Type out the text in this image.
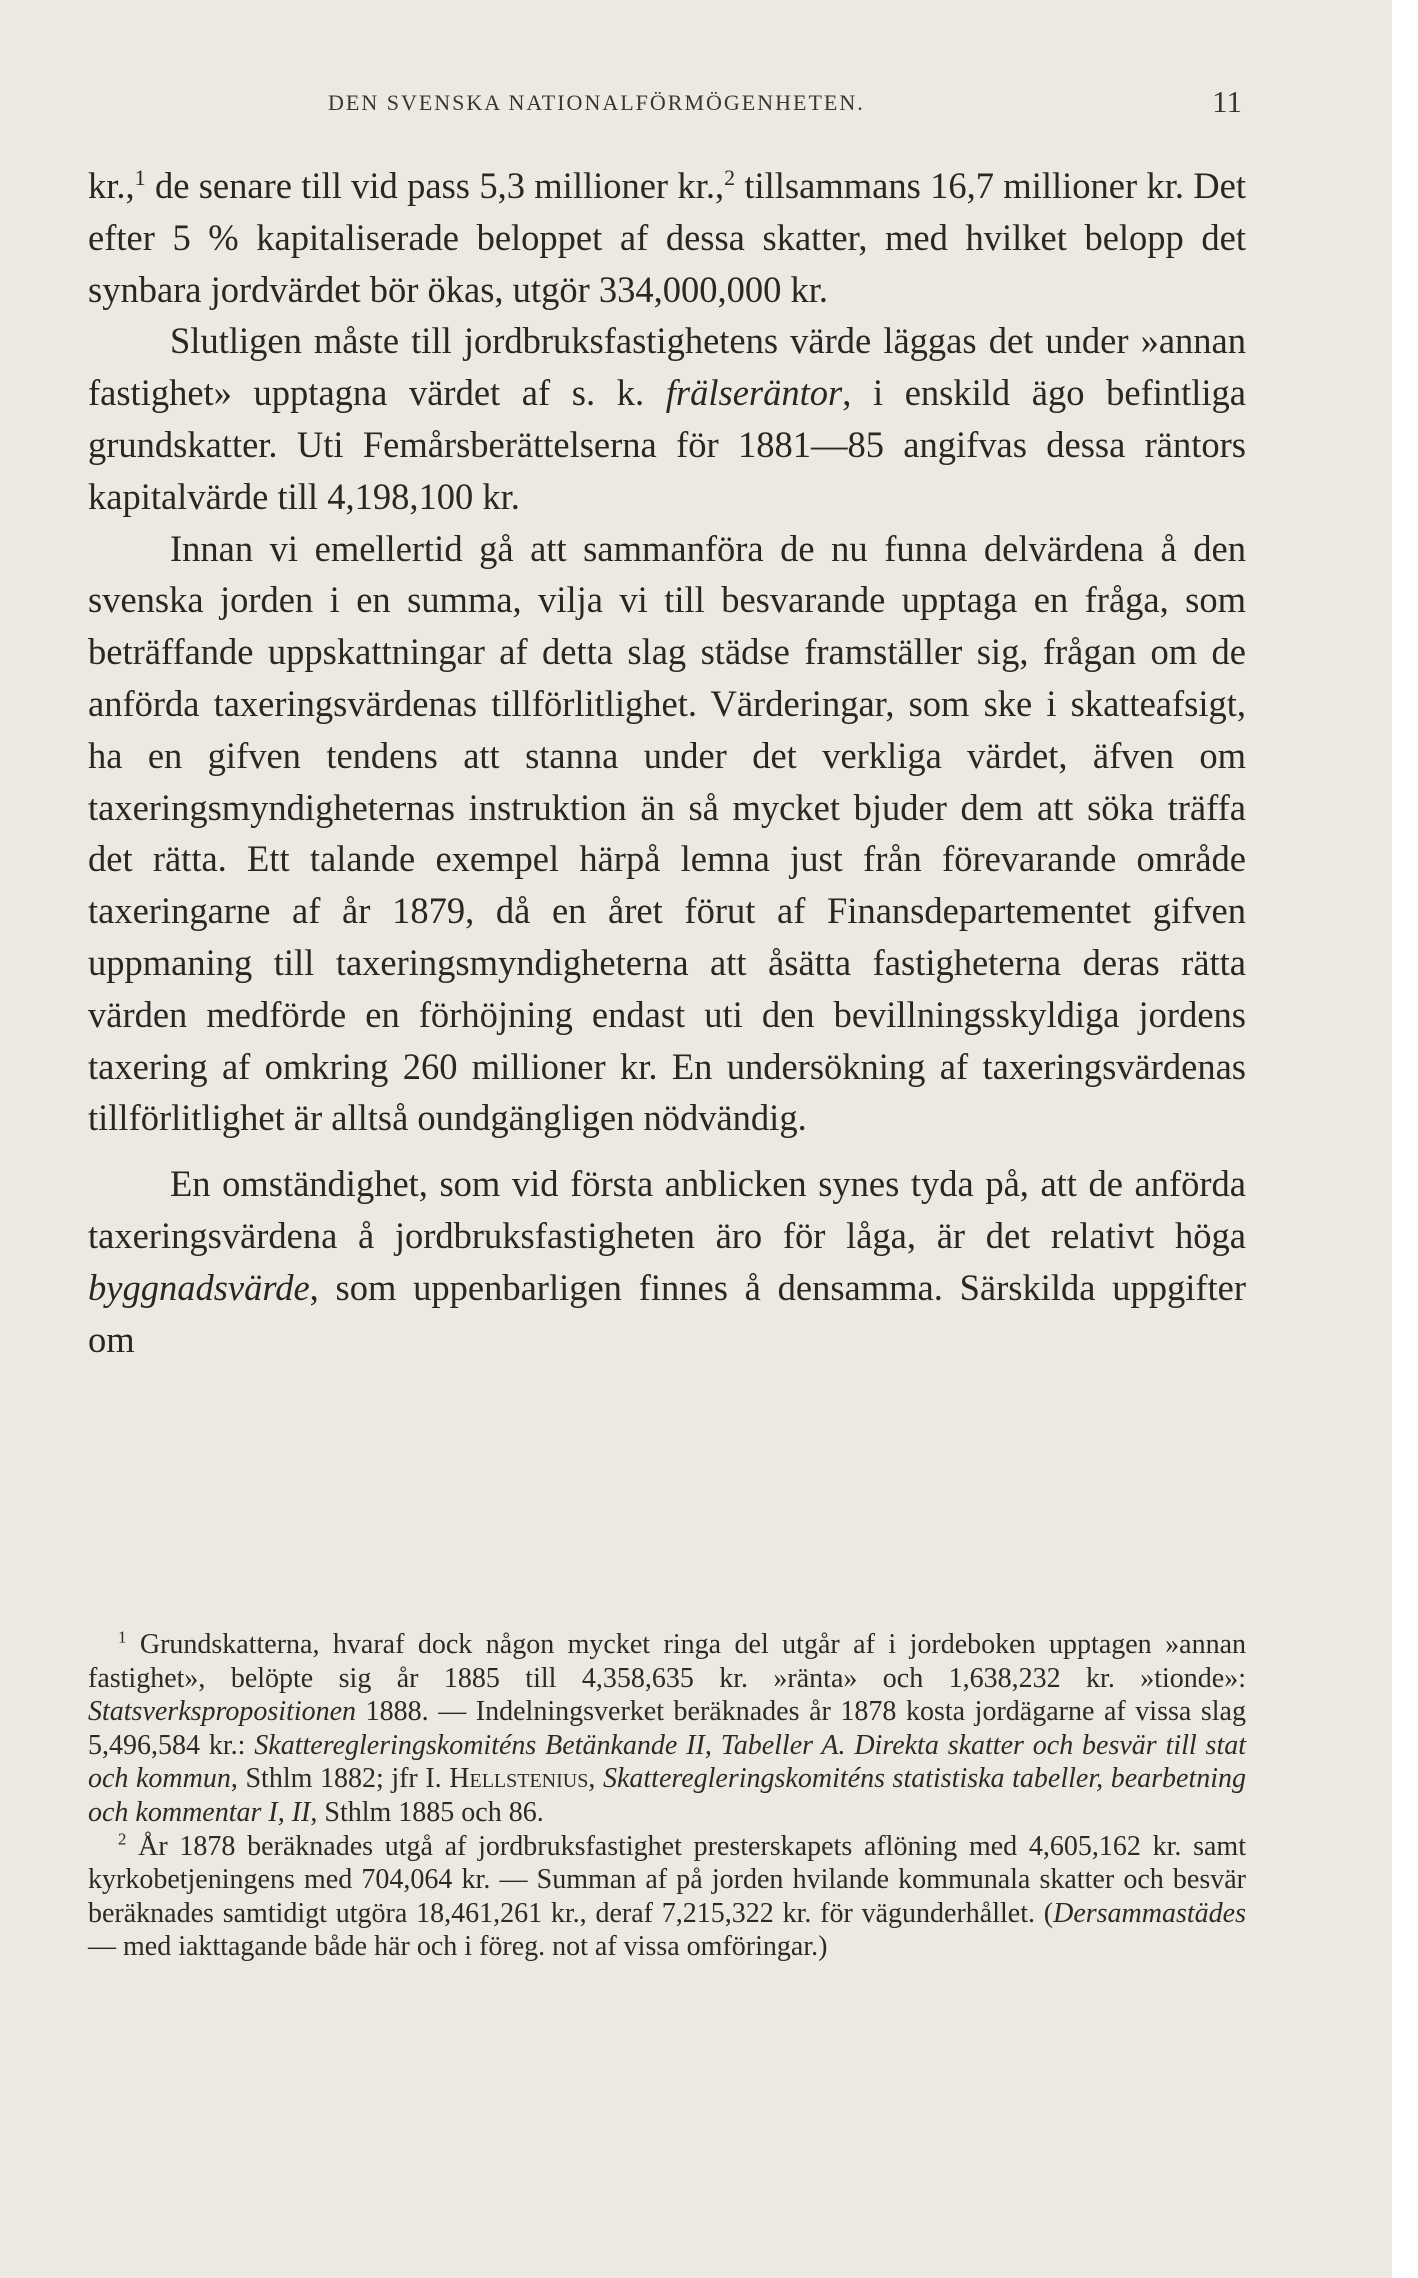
DEN SVENSKA NATIONALFÖRMÖGENHETEN.	11

kr.,$^1$ de senare till vid pass 5,3 millioner kr.,$^2$ tillsammans 16,7 millioner kr. Det efter 5 % kapitaliserade beloppet af dessa skatter, med hvilket belopp det synbara jordvärdet bör ökas, utgör 334,000,000 kr.

Slutligen måste till jordbruksfastighetens värde läggas det under »annan fastighet» upptagna värdet af s. k. frälseräntor, i enskild ägo befintliga grundskatter. Uti Femårsberättelserna för 1881—85 angifvas dessa räntors kapitalvärde till 4,198,100 kr.

Innan vi emellertid gå att sammanföra de nu funna delvärdena å den svenska jorden i en summa, vilja vi till besvarande upptaga en fråga, som beträffande uppskattningar af detta slag städse framställer sig, frågan om de anförda taxeringsvärdenas tillförlitlighet. Värderingar, som ske i skatteafsigt, ha en gifven tendens att stanna under det verkliga värdet, äfven om taxeringsmyndigheternas instruktion än så mycket bjuder dem att söka träffa det rätta. Ett talande exempel härpå lemna just från förevarande område taxeringarne af år 1879, då en året förut af Finansdepartementet gifven uppmaning till taxeringsmyndigheterna att åsätta fastigheterna deras rätta värden medförde en förhöjning endast uti den bevillningsskyldiga jordens taxering af omkring 260 millioner kr. En undersökning af taxeringsvärdenas tillförlitlighet är alltså oundgängligen nödvändig.

En omständighet, som vid första anblicken synes tyda på, att de anförda taxeringsvärdena å jordbruksfastigheten äro för låga, är det relativt höga byggnadsvärde, som uppenbarligen finnes å densamma. Särskilda uppgifter om

$^1$ Grundskatterna, hvaraf dock någon mycket ringa del utgår af i jordeboken upptagen »annan fastighet», belöpte sig år 1885 till 4,358,635 kr. »ränta» och 1,638,232 kr. »tionde»: Statsverkspropositionen 1888. — Indelningsverket beräknades år 1878 kosta jordägarne af vissa slag 5,496,584 kr.: Skatteregleringskomiténs Betänkande II, Tabeller A. Direkta skatter och besvär till stat och kommun, Sthlm 1882; jfr I. Hellstenius, Skatteregleringskomiténs statistiska tabeller, bearbetning och kommentar I, II, Sthlm 1885 och 86.

$^2$ År 1878 beräknades utgå af jordbruksfastighet presterskapets aflöning med 4,605,162 kr. samt kyrkobetjeningens med 704,064 kr. — Summan af på jorden hvilande kommunala skatter och besvär beräknades samtidigt utgöra 18,461,261 kr., deraf 7,215,322 kr. för vägunderhållet. (Dersammastädes — med iakttagande både här och i föreg. not af vissa omföringar.)
